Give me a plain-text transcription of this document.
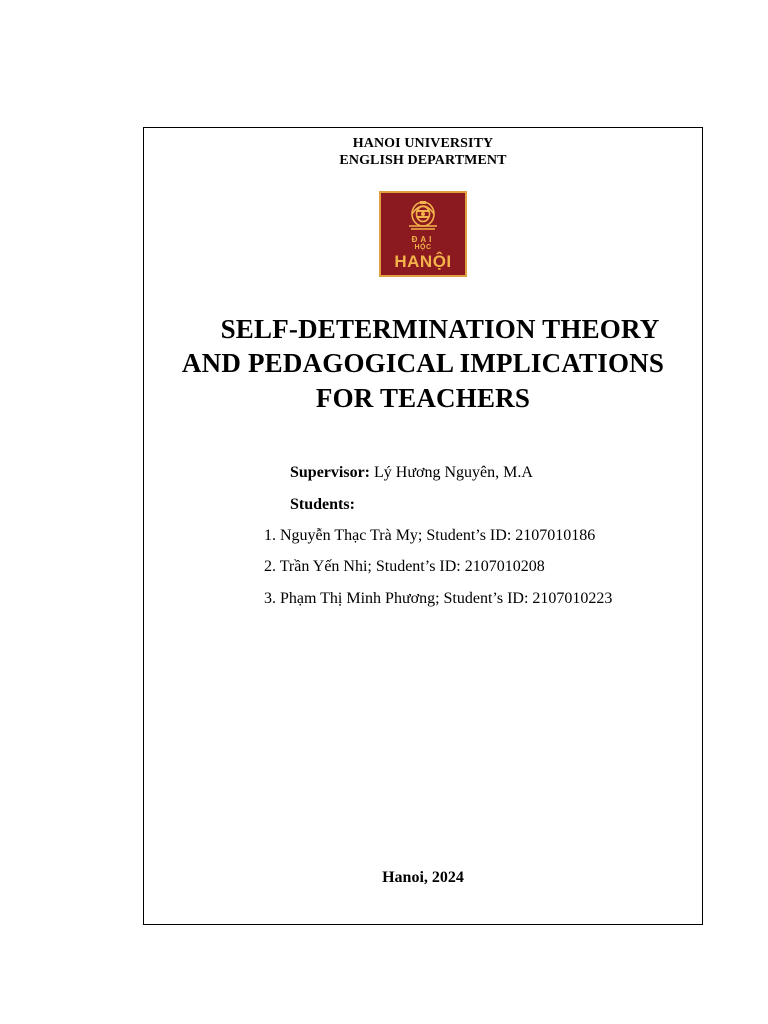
HANOI UNIVERSITY
ENGLISH DEPARTMENT
ĐẠI
HỌC
HANỘI
SELF-DETERMINATION THEORY
AND PEDAGOGICAL IMPLICATIONS
FOR TEACHERS
Supervisor: Lý Hương Nguyên, M.A
Students:
1. Nguyễn Thạc Trà My; Student’s ID: 2107010186
2. Trần Yến Nhi; Student’s ID: 2107010208
3. Phạm Thị Minh Phương; Student’s ID: 2107010223
Hanoi, 2024
